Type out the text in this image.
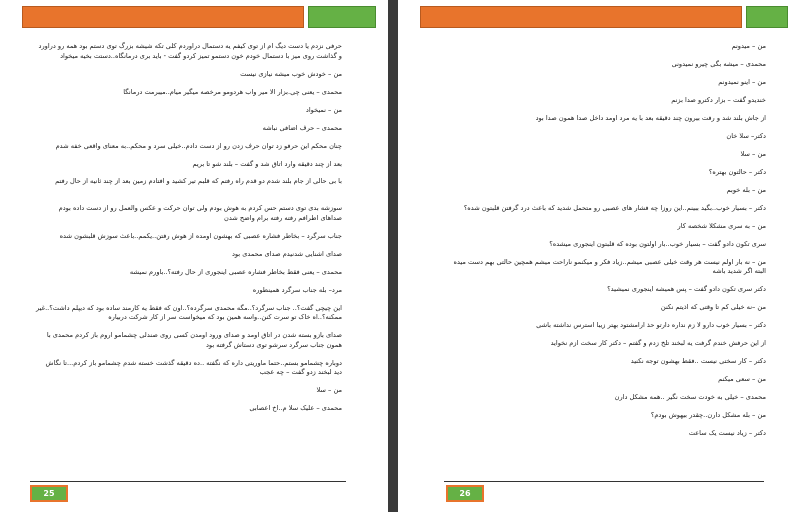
حرفی نزدم یا دست دیگ ام از توی کیفم یه دستمال دراوردم کلی تکه شیشه بزرگ توی دستم بود همه رو دراورد و گذاشت روی میز با دستمال خودم خون دستمو تمیز کردو گفت - باید بری درمانگاه..دستت بخیه میخواد

من – خودش خوب میشه نیازی نیست

محمدی – یعنی چی.بزار الا میر واب هردومو مرخصه میگیر میام..میبرمت درمانگا

من – نمیخواد

محمدی – حرف اضافی نباشه

چنان محکم این حرفو زد توان حرف زدن رو از دست دادم..خیلی سرد و محکم..به معنای واقعی خفه شدم

بعد از چند دقیقه وارد اتاق شد و گفت – بلند شو تا بریم

با بی حالی از جام بلند شدم دو قدم راه رفتم که قلبم تیر کشید و افتادم زمین بعد از چند ثانیه از حال رفتم

سوزشه بدی توی دستم حس کردم به هوش بودم ولی توان حرکت و عکس والعمل رو از دست داده بودم صداهای اطرافم رفته رفته برام واضح شدن

جناب سرگرد – بخاطر فشاره عصبی که بهشون اومده از هوش رفتن..یکمم..باعث سوزش قلبشون شده

صدای اشنایی شدنیدم صدای محمدی بود

محمدی – یعنی فقط بخاطر فشاره عصبی اینجوری از حال رفته؟..باورم نمیشه

مرد– بله جناب سرگرد همینطوره

این چیچی گفت؟.. جناب سرگرد؟..مگه محمدی سرگرده؟..اون که فقط یه کارمند ساده بود که دیپلم داشت؟..غیر ممکنه؟..اه خاک تو سرت کنن..واسه همین بود که میخواست سر از کار شرکت دربیاره

صدای بازو بسته شدن در اتاق اومد و صدای ورود اومدن کسی روی صندلی چشمامو اروم باز کردم محمدی با همون جناب سرگرد سرشو توی دستاش گرفته بود

دوباره چشمامو بستم..حتما ماوریتی داره که نگفته ..ده دقیقه گذشت خسته شدم چشمامو باز کردم...تا نگاش دید لبخند زدو گفت – چه عجب

من – سلا

محمدی – علیک سلا م..اخ اعصابی

25

من – میدونم

محمدی – میشه بگی چیرو نمیدونی

من – اینو نمیدونم

خندیدو گفت – بزار دکترو صدا بزنم

از جاش بلند شد و رفت بیرون چند دقیقه بعد با یه مرد اومد داخل صدا همون صدا بود

دکتر– سلا خان

من – سلا

دکتر – حالتون بهتره؟

من – بله خوبم

دکتر – بسیار خوب..بگید ببینم..این روزا چه فشار های عصبی رو متحمل شدید که باعث درد گرفتن قلبتون شده؟

من – به سری مشکلا شخصه کار

سری تکون دادو گفت – بسیار خوب..بار اولتون بوده که قلبتون اینجوری میشده؟

من – نه بار اولم نیست هر وقت خیلی عصبی میشم..زیاد فکر و میکنمو ناراحت میشم همچین حالتی بهم دست میده البته اگر شدید باشه

دکتر سری تکون دادو گفت – پس همیشه اینجوری نمیشید؟

من –نه خیلی کم تا وقتی که اذیتم نکنن

دکتر – بسیار خوب دارو لا زم نداره دارتو حذ ارامشتود بهتر زیبا استرس نداشته باشی

از این حرفش خندم گرفت یه لبخند تلخ زدم و گفتم – دکتر کار سخت ازم نخواید

دکتر – کار سختی نیست ..فقط بهشون توجه نکنید

من – سعی میکنم

محمدی – خیلی به خودت سخت نگیر ..همه مشکل دارن

من – بله مشکل دارن..چقدر بیهوش بودم؟

دکتر – زیاد نیست یک ساعت

26
